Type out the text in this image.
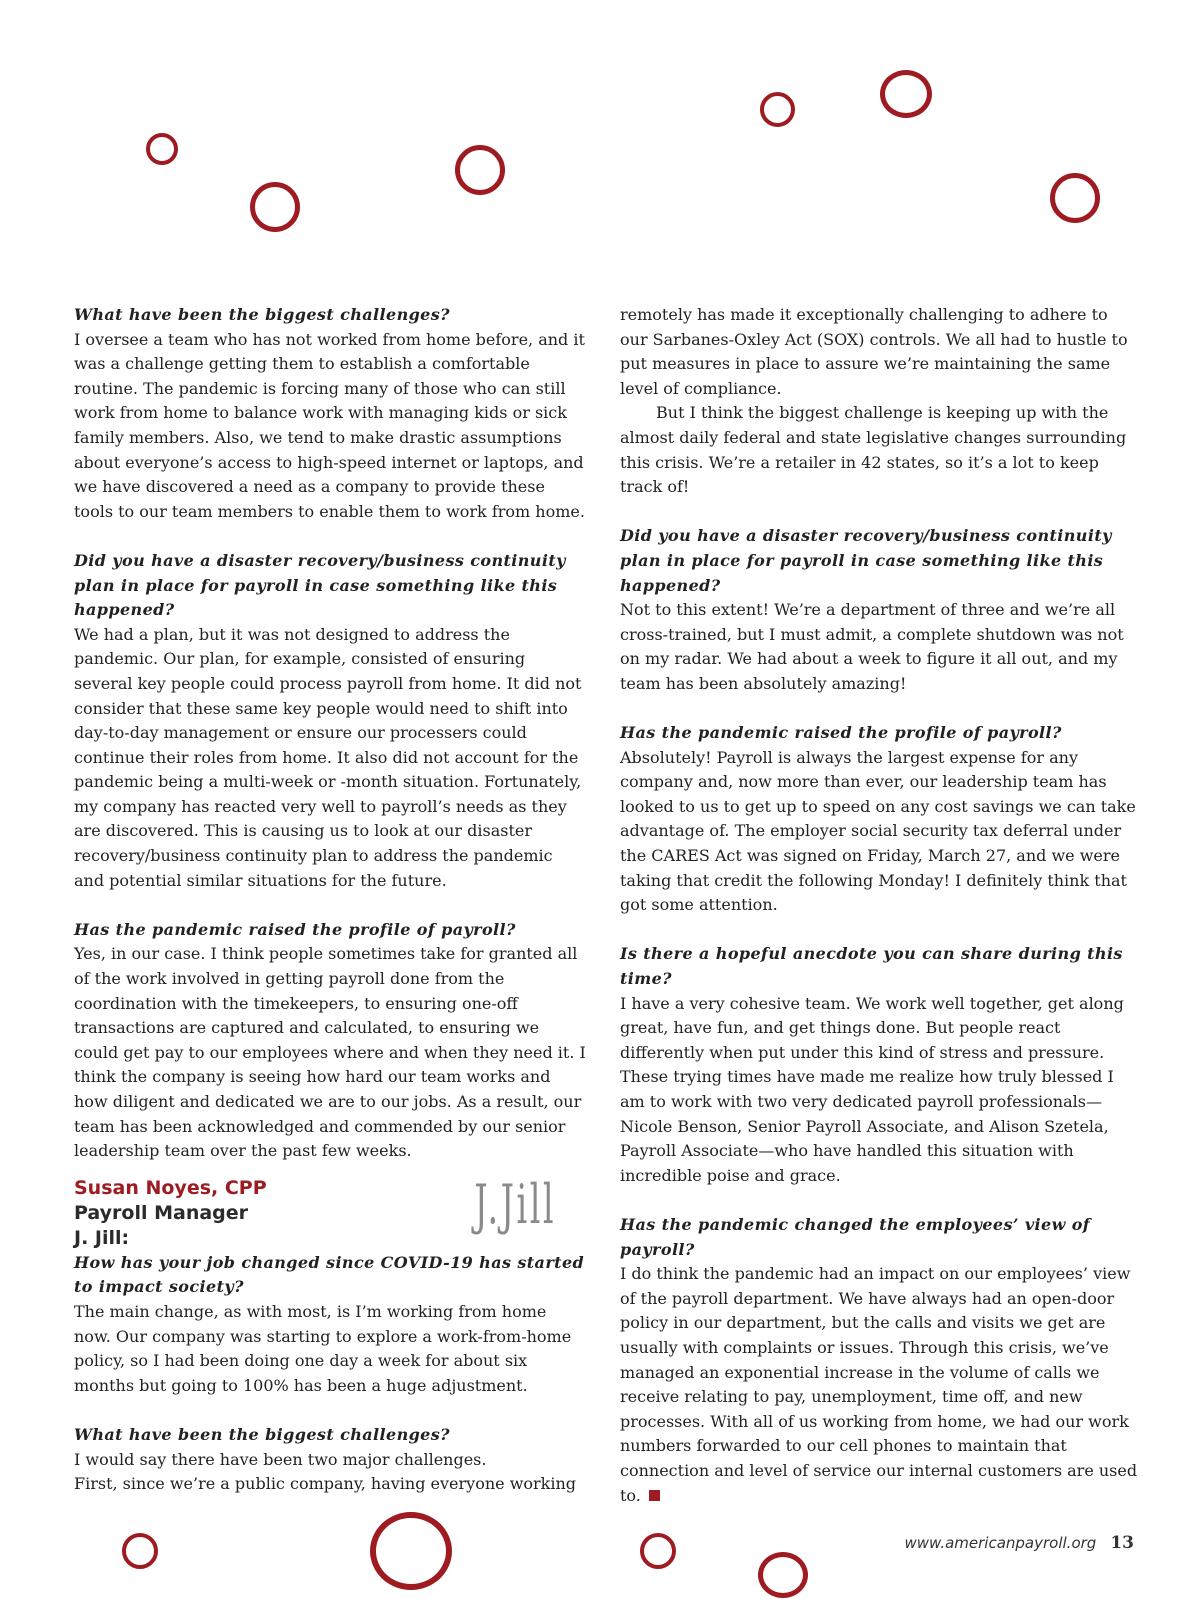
What have been the biggest challenges?

I oversee a team who has not worked from home before, and it was a challenge getting them to establish a comfortable routine. The pandemic is forcing many of those who can still work from home to balance work with managing kids or sick family members. Also, we tend to make drastic assumptions about everyone’s access to high-speed internet or laptops, and we have discovered a need as a company to provide these tools to our team members to enable them to work from home.

Did you have a disaster recovery/business continuity plan in place for payroll in case something like this happened?

We had a plan, but it was not designed to address the pandemic. Our plan, for example, consisted of ensuring several key people could process payroll from home. It did not consider that these same key people would need to shift into day-to-day management or ensure our processers could continue their roles from home. It also did not account for the pandemic being a multi-week or -month situation. Fortunately, my company has reacted very well to payroll’s needs as they are discovered. This is causing us to look at our disaster recovery/business continuity plan to address the pandemic and potential similar situations for the future.

Has the pandemic raised the profile of payroll?

Yes, in our case. I think people sometimes take for granted all of the work involved in getting payroll done from the coordination with the timekeepers, to ensuring one-off transactions are captured and calculated, to ensuring we could get pay to our employees where and when they need it. I think the company is seeing how hard our team works and how diligent and dedicated we are to our jobs. As a result, our team has been acknowledged and commended by our senior leadership team over the past few weeks.

Susan Noyes, CPP
Payroll Manager
J. Jill:
J.Jill

How has your job changed since COVID-19 has started to impact society?

The main change, as with most, is I’m working from home now. Our company was starting to explore a work-from-home policy, so I had been doing one day a week for about six months but going to 100% has been a huge adjustment.

What have been the biggest challenges?

I would say there have been two major challenges.

First, since we’re a public company, having everyone working

remotely has made it exceptionally challenging to adhere to our Sarbanes-Oxley Act (SOX) controls. We all had to hustle to put measures in place to assure we’re maintaining the same level of compliance.

But I think the biggest challenge is keeping up with the almost daily federal and state legislative changes surrounding this crisis. We’re a retailer in 42 states, so it’s a lot to keep track of!

Did you have a disaster recovery/business continuity plan in place for payroll in case something like this happened?

Not to this extent! We’re a department of three and we’re all cross-trained, but I must admit, a complete shutdown was not on my radar. We had about a week to figure it all out, and my team has been absolutely amazing!

Has the pandemic raised the profile of payroll?

Absolutely! Payroll is always the largest expense for any company and, now more than ever, our leadership team has looked to us to get up to speed on any cost savings we can take advantage of. The employer social security tax deferral under the CARES Act was signed on Friday, March 27, and we were taking that credit the following Monday! I definitely think that got some attention.

Is there a hopeful anecdote you can share during this time?

I have a very cohesive team. We work well together, get along great, have fun, and get things done. But people react differently when put under this kind of stress and pressure. These trying times have made me realize how truly blessed I am to work with two very dedicated payroll professionals—Nicole Benson, Senior Payroll Associate, and Alison Szetela, Payroll Associate—who have handled this situation with incredible poise and grace.

Has the pandemic changed the employees’ view of payroll?

I do think the pandemic had an impact on our employees’ view of the payroll department. We have always had an open-door policy in our department, but the calls and visits we get are usually with complaints or issues. Through this crisis, we’ve managed an exponential increase in the volume of calls we receive relating to pay, unemployment, time off, and new processes. With all of us working from home, we had our work numbers forwarded to our cell phones to maintain that connection and level of service our internal customers are used to.

www.americanpayroll.org 13
